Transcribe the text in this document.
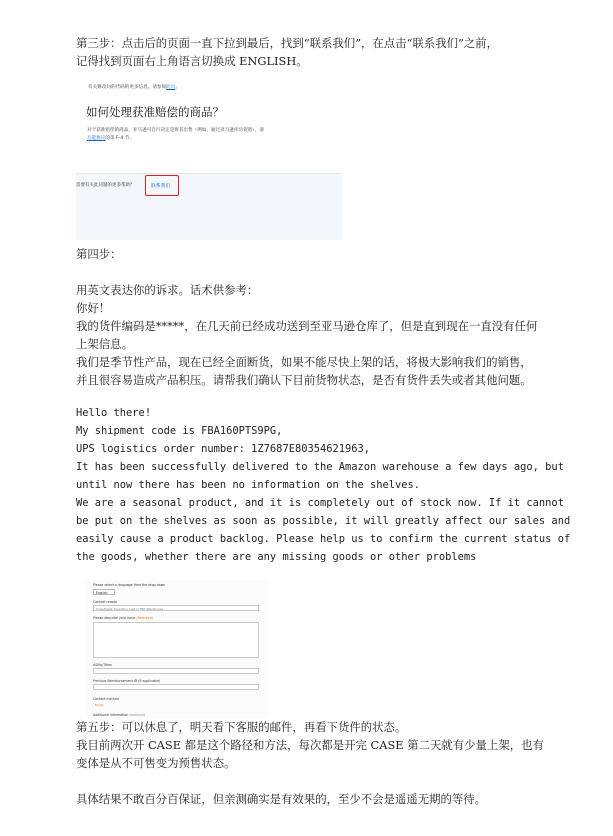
第三步：点击后的页面一直下拉到最后，找到“联系我们”，在点击“联系我们”之前，
记得找到页面右上角语言切换成 ENGLISH。
有关修改问的代码的更多信息，请参阅此页。
如何处理获准赔偿的商品？
对于获准赔偿的商品，亚马逊可自行决定是将其出售（例如，通过亚马逊库房促销），请
万能协议的第 F-4 节。
需要有关此问题的更多帮助？	联系我们
第四步：
用英文表达你的诉求。话术供参考：
你好！
我的货件编码是*****，在几天前已经成功送到至亚马逊仓库了，但是直到现在一直没有任何
上架信息。
我们是季节性产品，现在已经全面断货，如果不能尽快上架的话，将极大影响我们的销售，
并且很容易造成产品积压。请帮我们确认下目前货物状态，是否有货件丢失或者其他问题。
Hello there!
My shipment code is FBA160PTS9PG,
UPS logistics order number: 1Z7687E80354621963,
It has been successfully delivered to the Amazon warehouse a few days ago, but
until now there has been no information on the shelves.
We are a seasonal product, and it is completely out of stock now. If it cannot
be put on the shelves as soon as possible, it will greatly affect our sales and
easily cause a product backlog. Please help us to confirm the current status of
the goods, whether there are any missing goods or other problems
Please select a language from the drop-down
English
Context reason
Investigate Inventory Lost in FBA Warehouse
Please describe your issue (Required)
ASINs/Titles
Previous Reimbursement ID (If applicable)
Contact method
Email
Additional information (optional)
第五步：可以休息了，明天看下客服的邮件，再看下货件的状态。
我目前两次开 CASE 都是这个路径和方法，每次都是开完 CASE 第二天就有少量上架，也有
变体是从不可售变为预售状态。
具体结果不敢百分百保证，但亲测确实是有效果的，至少不会是遥遥无期的等待。
